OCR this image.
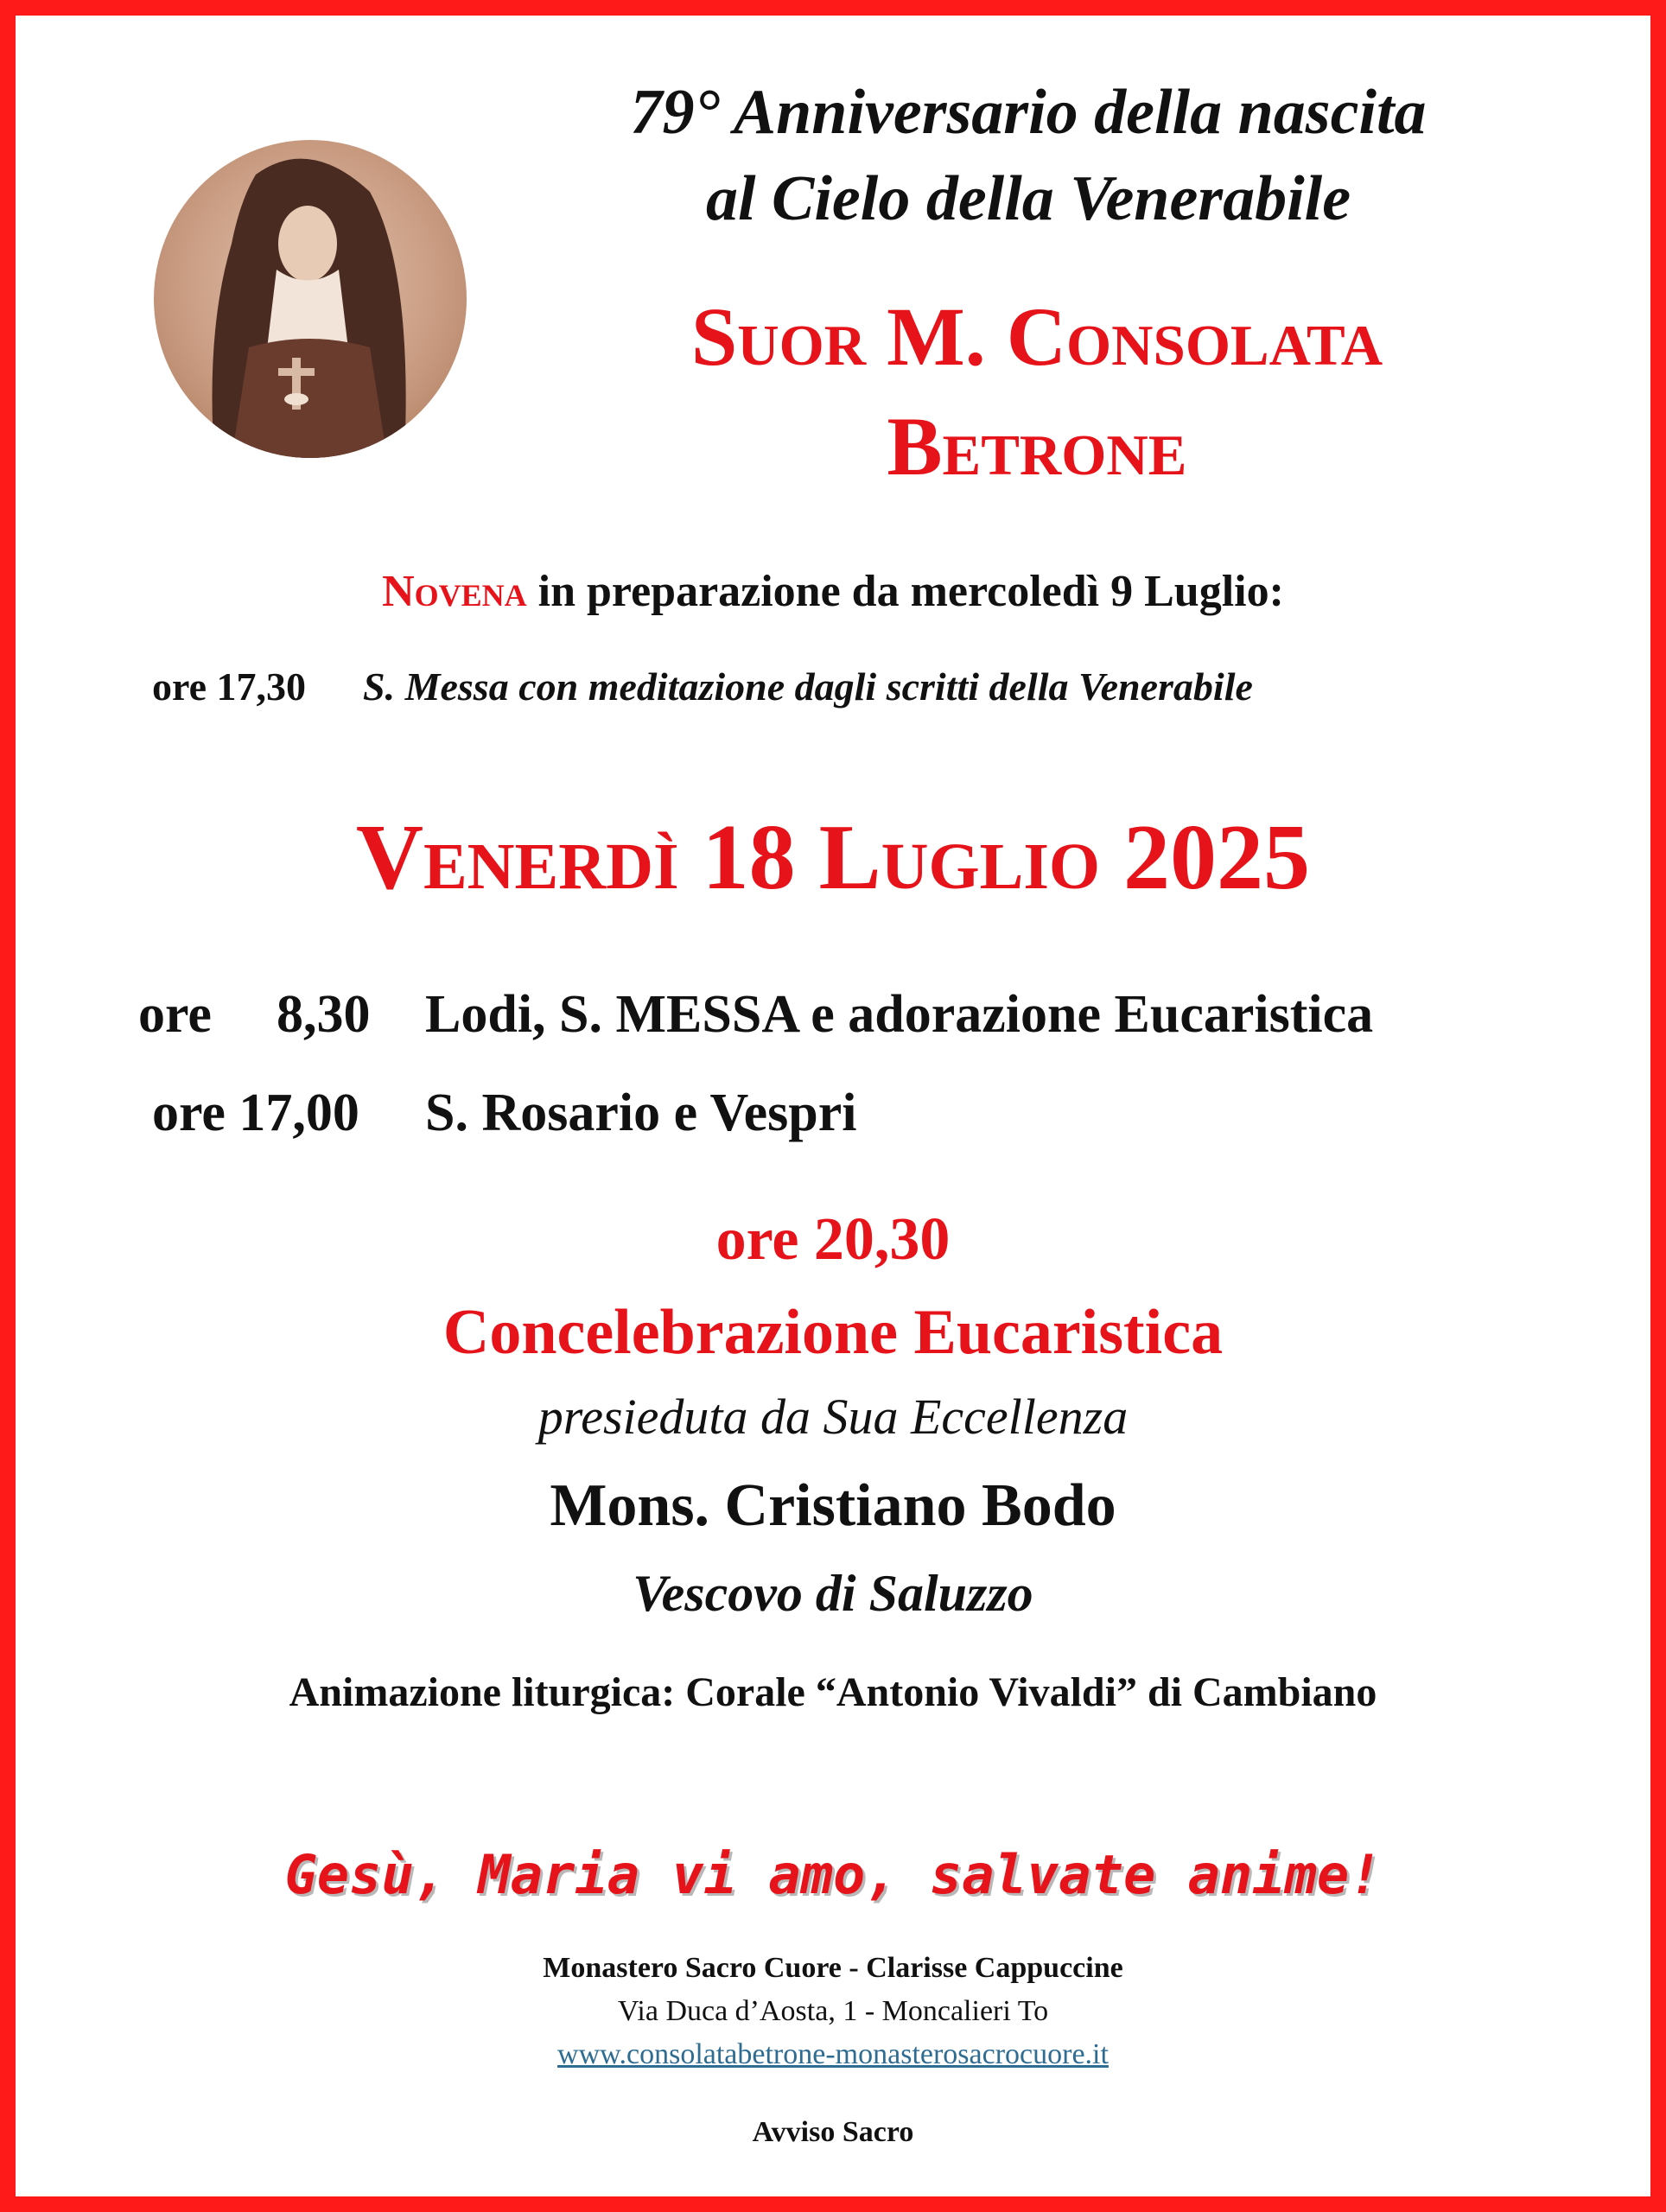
79° Anniversario della nascita

al Cielo della Venerabile

Suor M. Consolata

Betrone

Novena in preparazione da mercoledì 9 Luglio:

ore 17,30 S. Messa con meditazione dagli scritti della Venerabile

Venerdì 18 Luglio 2025

ore 8,30 Lodi, S. MESSA e adorazione Eucaristica

ore 17,00 S. Rosario e Vespri

ore 20,30

Concelebrazione Eucaristica

presieduta da Sua Eccellenza

Mons. Cristiano Bodo

Vescovo di Saluzzo

Animazione liturgica: Corale “Antonio Vivaldi” di Cambiano

Gesù, Maria vi amo, salvate anime!

Monastero Sacro Cuore - Clarisse Cappuccine

Via Duca d’Aosta, 1 - Moncalieri To

www.consolatabetrone-monasterosacrocuore.it

Avviso Sacro
